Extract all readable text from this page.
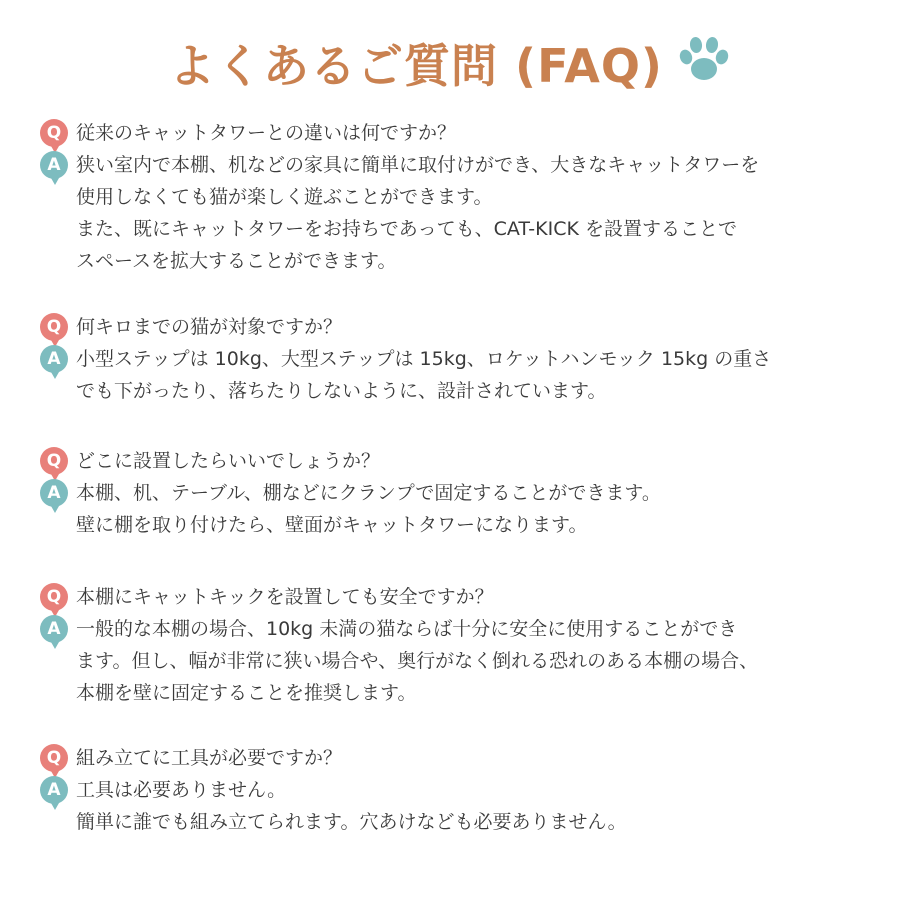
よくあるご質問 (FAQ)
Q 従来のキャットタワーとの違いは何ですか？
A 狭い室内で本棚、机などの家具に簡単に取付けができ、大きなキャットタワーを
使用しなくても猫が楽しく遊ぶことができます。
また、既にキャットタワーをお持ちであっても、CAT-KICK を設置することで
スペースを拡大することができます。
Q 何キロまでの猫が対象ですか？
A 小型ステップは 10kg、大型ステップは 15kg、ロケットハンモック 15kg の重さ
でも下がったり、落ちたりしないように、設計されています。
Q どこに設置したらいいでしょうか？
A 本棚、机、テーブル、棚などにクランプで固定することができます。
壁に棚を取り付けたら、壁面がキャットタワーになります。
Q 本棚にキャットキックを設置しても安全ですか？
A 一般的な本棚の場合、10kg 未満の猫ならば十分に安全に使用することができ
ます。但し、幅が非常に狭い場合や、奥行がなく倒れる恐れのある本棚の場合、
本棚を壁に固定することを推奨します。
Q 組み立てに工具が必要ですか？
A 工具は必要ありません。
簡単に誰でも組み立てられます。穴あけなども必要ありません。
